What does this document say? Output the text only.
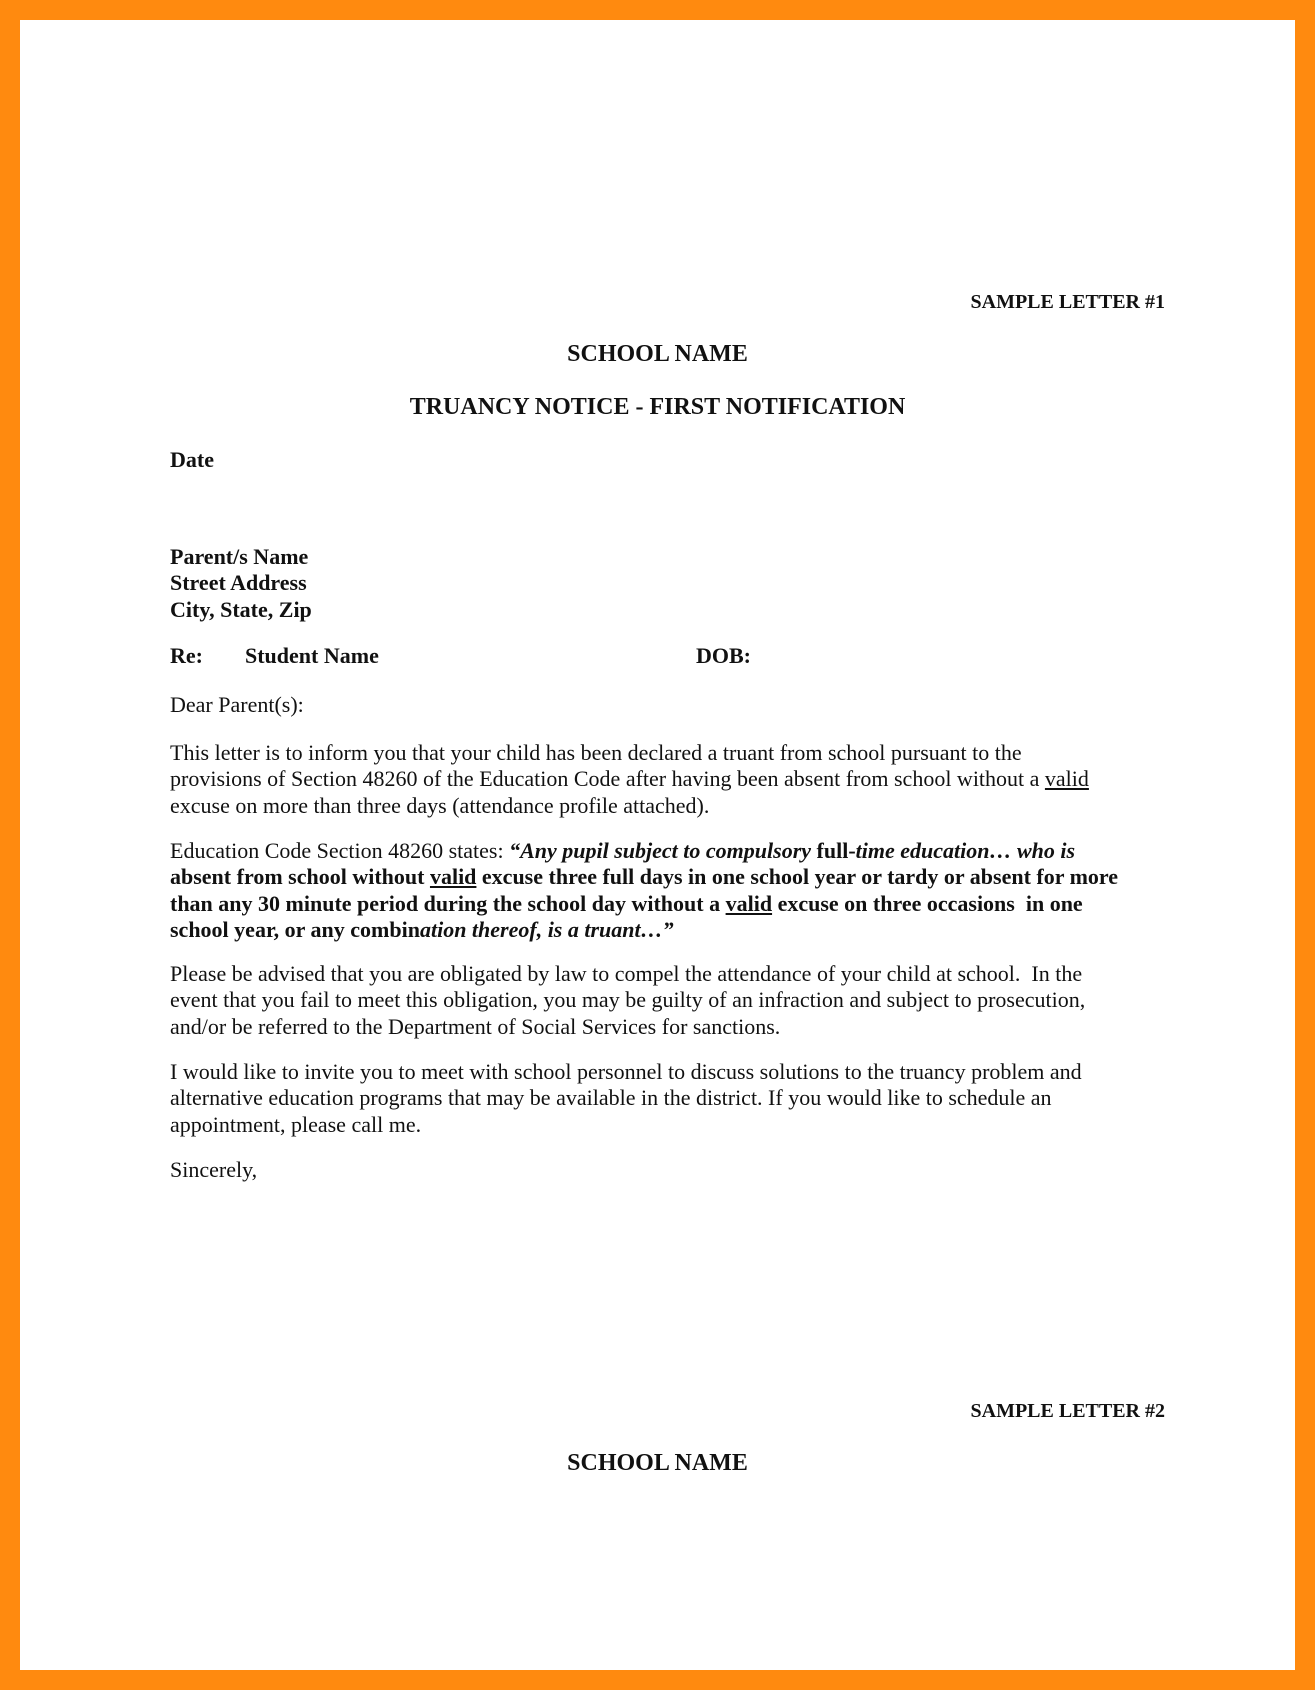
SAMPLE LETTER #1
SCHOOL NAME
TRUANCY NOTICE - FIRST NOTIFICATION
Date
Parent/s Name
Street Address
City, State, Zip
Re: Student Name	DOB:
Dear Parent(s):
This letter is to inform you that your child has been declared a truant from school pursuant to the
provisions of Section 48260 of the Education Code after having been absent from school without a valid
excuse on more than three days (attendance profile attached).
Education Code Section 48260 states: “Any pupil subject to compulsory full-time education… who is
absent from school without valid excuse three full days in one school year or tardy or absent for more
than any 30 minute period during the school day without a valid excuse on three occasions  in one
school year, or any combination thereof, is a truant…”
Please be advised that you are obligated by law to compel the attendance of your child at school.  In the
event that you fail to meet this obligation, you may be guilty of an infraction and subject to prosecution,
and/or be referred to the Department of Social Services for sanctions.
I would like to invite you to meet with school personnel to discuss solutions to the truancy problem and
alternative education programs that may be available in the district. If you would like to schedule an
appointment, please call me.
Sincerely,
SAMPLE LETTER #2
SCHOOL NAME
